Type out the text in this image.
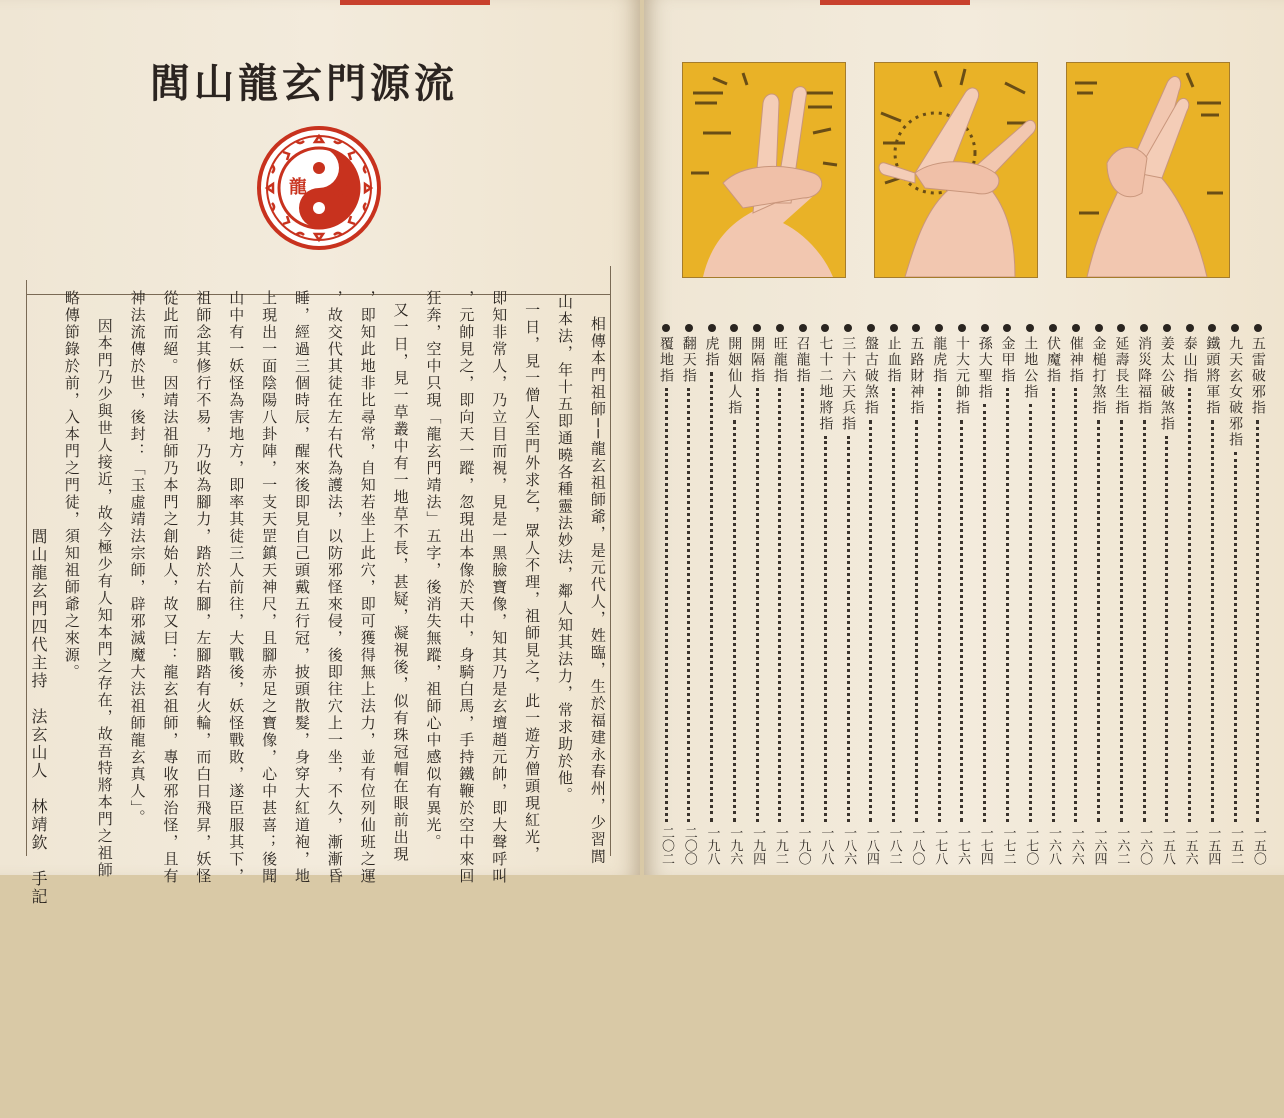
閭山龍玄門源流
龍 玄
相傳本門祖師──龍玄祖師爺，是元代人，姓臨，生於福建永春州，少習閭
山本法，年十五即通曉各種靈法妙法，鄰人知其法力，常求助於他。
一日，見一僧人至門外求乞，眾人不理，祖師見之，此一遊方僧頭現紅光，
即知非常人，乃立目而視，見是一黑臉寶像，知其乃是玄壇趙元帥，即大聲呼叫
，元帥見之，即向天一蹤，忽現出本像於天中，身騎白馬，手持鐵鞭於空中來回
狂奔，空中只現「龍玄門靖法」五字，後消失無蹤，祖師心中感似有異光。
又一日，見一草叢中有一地草不長，甚疑，凝視後，似有珠冠帽在眼前出現
，即知此地非比尋常，自知若坐上此穴，即可獲得無上法力，並有位列仙班之運
，故交代其徒在左右代為護法，以防邪怪來侵，後即往穴上一坐，不久，漸漸昏
睡，經過三個時辰，醒來後即見自己頭戴五行冠，披頭散髮，身穿大紅道袍，地
上現出一面陰陽八卦陣，一支天罡鎮天神尺，且腳赤足之寶像，心中甚喜；後聞
山中有一妖怪為害地方，即率其徒三人前往，大戰後，妖怪戰敗，遂臣服其下，
祖師念其修行不易，乃收為腳力，踏於右腳，左腳踏有火輪，而白日飛昇，妖怪
從此而絕。因靖法祖師乃本門之創始人，故又曰：龍玄祖師，專收邪治怪，且有
神法流傳於世，後封：「玉虛靖法宗師，辟邪滅魔大法祖師龍玄真人」。
因本門乃少與世人接近，故今極少有人知本門之存在，故吾特將本門之祖師
略傳節錄於前，入本門之門徒，須知祖師爺之來源。
閭山龍玄門四代主持　法玄山人　林靖欽　手記
五雷破邪指
一五〇
九天玄女破邪指
一五二
鐵頭將軍指
一五四
泰山指
一五六
姜太公破煞指
一五八
消災降福指
一六〇
延壽長生指
一六二
金槌打煞指
一六四
催神指
一六六
伏魔指
一六八
土地公指
一七〇
金甲指
一七二
孫大聖指
一七四
十大元帥指
一七六
龍虎指
一七八
五路財神指
一八〇
止血指
一八二
盤古破煞指
一八四
三十六天兵指
一八六
七十二地將指
一八八
召龍指
一九〇
旺龍指
一九二
開隔指
一九四
開姻仙人指
一九六
虎指
一九八
翻天指
二〇〇
覆地指
二〇二
